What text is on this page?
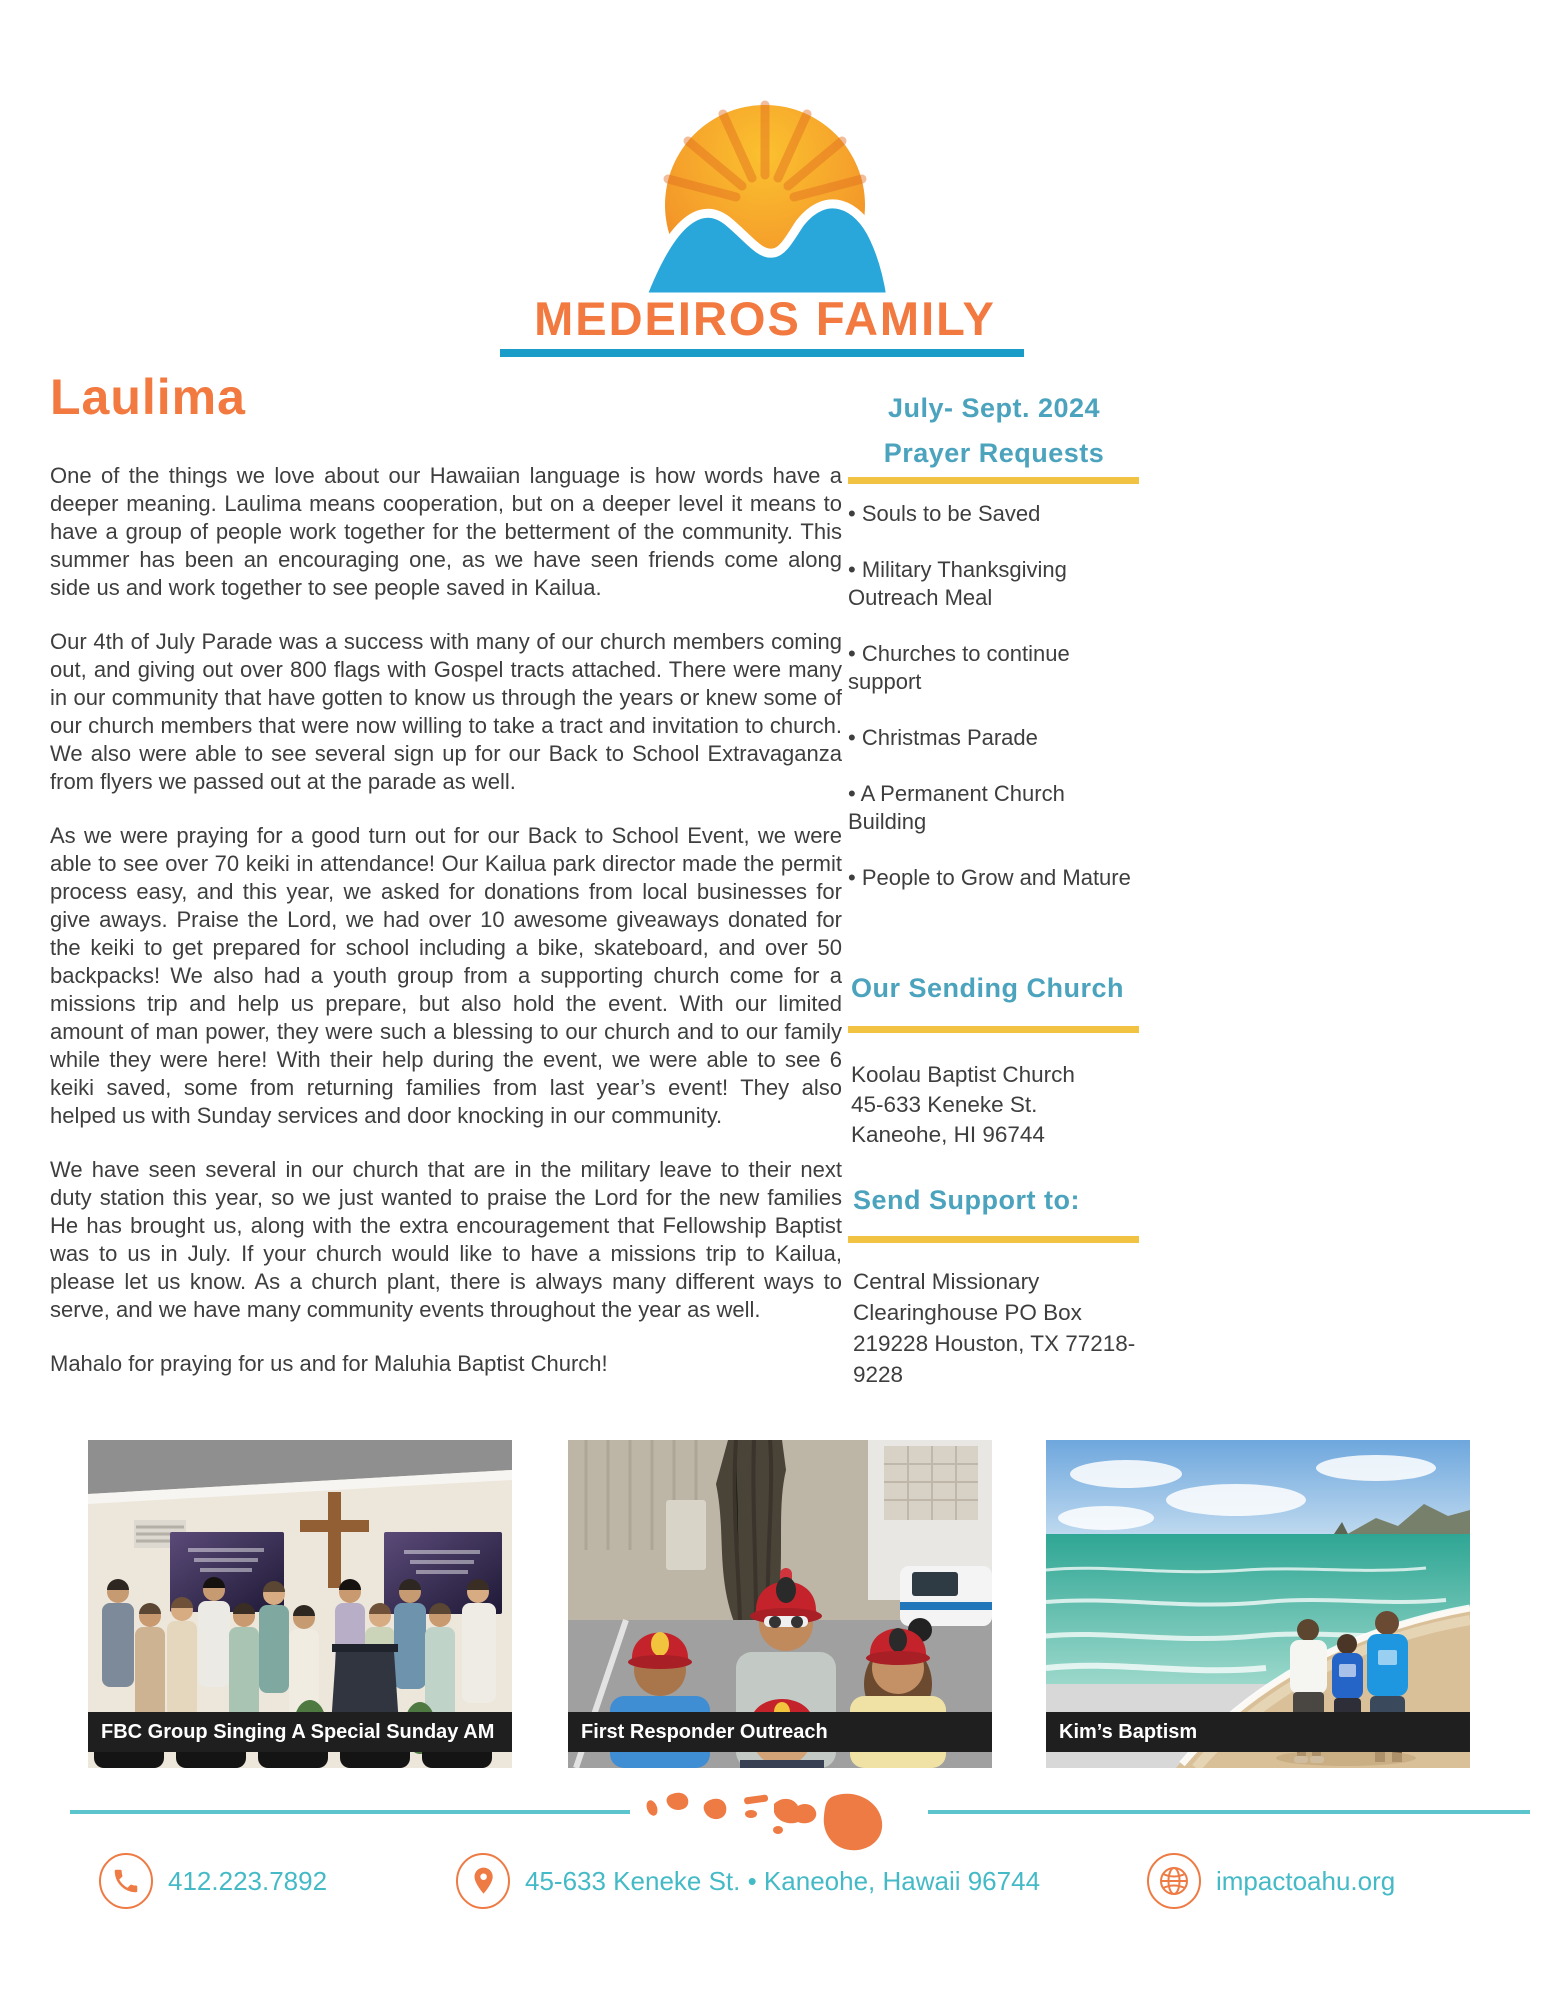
MEDEIROS FAMILY
Laulima

One of the things we love about our Hawaiian language is how words have a deeper meaning. Laulima means cooperation, but on a deeper level it means to have a group of people work together for the betterment of the community. This summer has been an encouraging one, as we have seen friends come along side us and work together to see people saved in Kailua.

Our 4th of July Parade was a success with many of our church members coming out, and giving out over 800 flags with Gospel tracts attached. There were many in our community that have gotten to know us through the years or knew some of our church members that were now willing to take a tract and invitation to church. We also were able to see several sign up for our Back to School Extravaganza from flyers we passed out at the parade as well.

As we were praying for a good turn out for our Back to School Event, we were able to see over 70 keiki in attendance! Our Kailua park director made the permit process easy, and this year, we asked for donations from local businesses for give aways. Praise the Lord, we had over 10 awesome giveaways donated for the keiki to get prepared for school including a bike, skateboard, and over 50 backpacks! We also had a youth group from a supporting church come for a missions trip and help us prepare, but also hold the event. With our limited amount of man power, they were such a blessing to our church and to our family while they were here! With their help during the event, we were able to see 6 keiki saved, some from returning families from last year’s event! They also helped us with Sunday services and door knocking in our community.

We have seen several in our church that are in the military leave to their next duty station this year, so we just wanted to praise the Lord for the new families He has brought us, along with the extra encouragement that Fellowship Baptist was to us in July. If your church would like to have a missions trip to Kailua, please let us know. As a church plant, there is always many different ways to serve, and we have many community events throughout the year as well.

Mahalo for praying for us and for Maluhia Baptist Church!

July- Sept. 2024
Prayer Requests
• Souls to be Saved
• Military Thanksgiving Outreach Meal
• Churches to continue support
• Christmas Parade
• A Permanent Church Building
• People to Grow and Mature
Our Sending Church
Koolau Baptist Church
45-633 Keneke St.
Kaneohe, HI 96744
Send Support to:
Central Missionary Clearinghouse PO Box 219228 Houston, TX 77218-9228
FBC Group Singing A Special Sunday AM	First Responder Outreach	Kim’s Baptism
412.223.7892	45-633 Keneke St. • Kaneohe, Hawaii 96744	impactoahu.org
